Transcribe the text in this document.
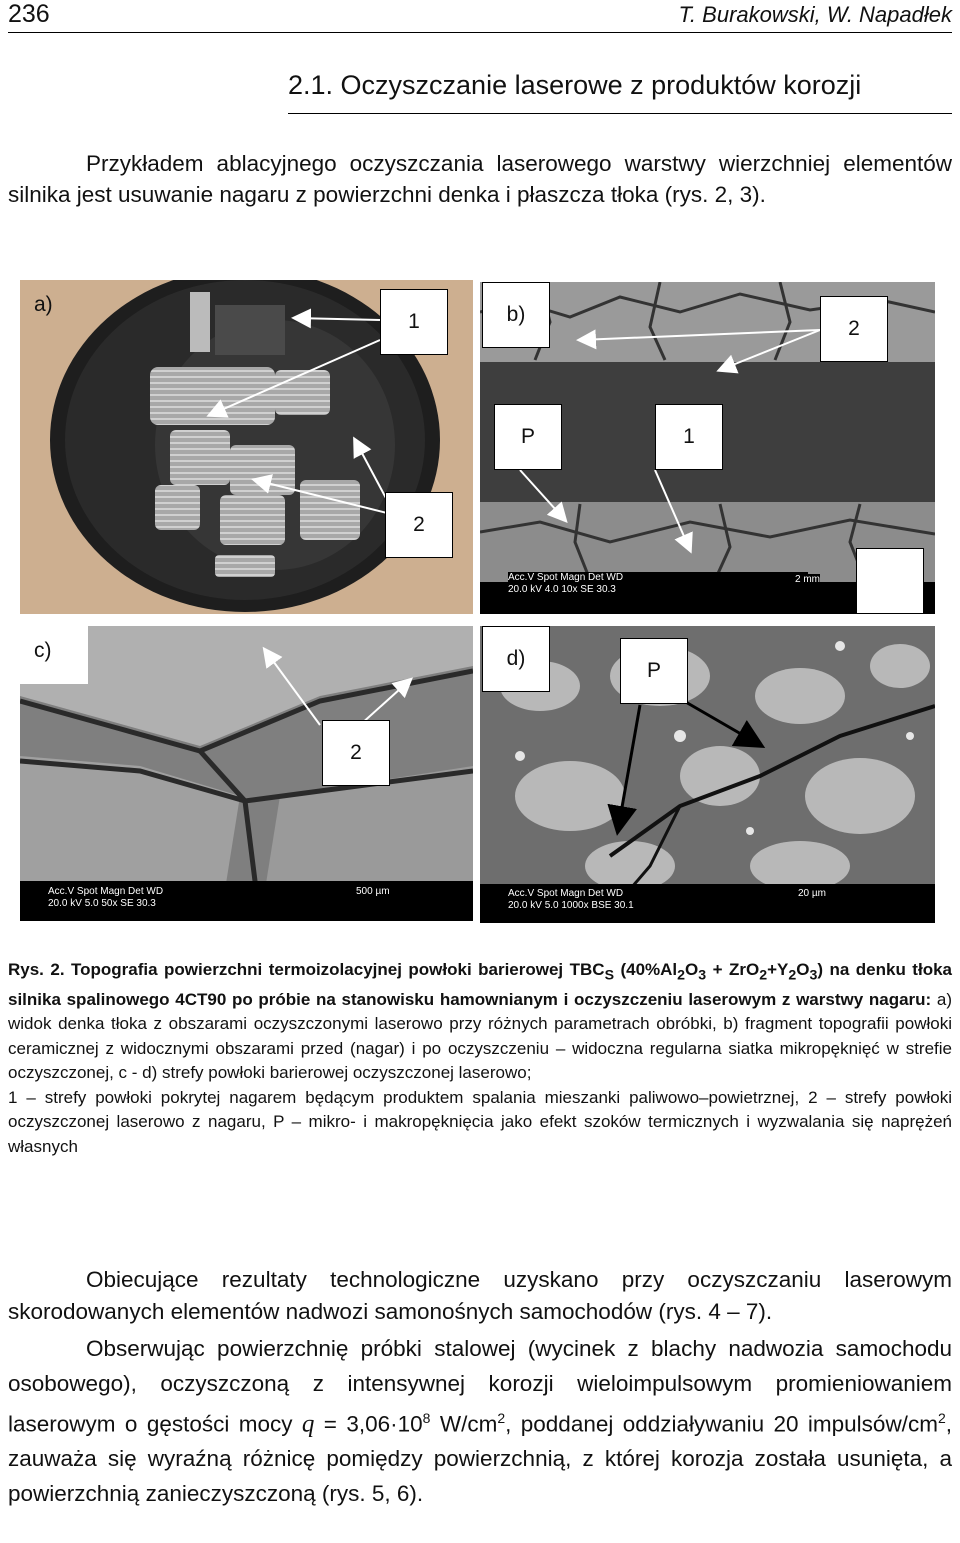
236	T. Burakowski, W. Napadłek
2.1. Oczyszczanie laserowe z produktów korozji

Przykładem ablacyjnego oczyszczania laserowego warstwy wierzchniej elementów silnika jest usuwanie nagaru z powierzchni denka i płaszcza tłoka (rys. 2, 3).

Acc.V Spot Magn Det WD
20.0 kV 4.0 10x SE 30.3
2 mm
Acc.V Spot Magn Det WD
20.0 kV 5.0 50x SE 30.3
500 µm	Acc.V Spot Magn Det WD
20.0 kV 5.0 1000x BSE 30.1
20 µm
a)	b)
c)	d)
1	2
P	1
2
P
2

Rys. 2. Topografia powierzchni termoizolacyjnej powłoki barierowej $TBC_S$ $(40\%Al_2O_3 + ZrO_2+Y_2O_3)$ na denku tłoka silnika spalinowego 4CT90 po próbie na stanowisku hamownianym i oczyszczeniu laserowym z warstwy nagaru: a) widok denka tłoka z obszarami oczyszczonymi laserowo przy różnych parametrach obróbki, b) fragment topografii powłoki ceramicznej z widocznymi obszarami przed (nagar) i po oczyszczeniu – widoczna regularna siatka mikropęknięć w strefie oczyszczonej, c - d) strefy powłoki barierowej oczyszczonej laserowo;
1 – strefy powłoki pokrytej nagarem będącym produktem spalania mieszanki paliwowo–powietrznej, 2 – strefy powłoki oczyszczonej laserowo z nagaru, P – mikro- i makropęknięcia jako efekt szoków termicznych i wyzwalania się naprężeń własnych

Obiecujące rezultaty technologiczne uzyskano przy oczyszczaniu laserowym skorodowanych elementów nadwozi samonośnych samochodów (rys. 4 – 7).

Obserwując powierzchnię próbki stalowej (wycinek z blachy nadwozia samochodu osobowego), oczyszczoną z intensywnej korozji wieloimpulsowym promieniowaniem laserowym o gęstości mocy $q = 3,06\cdot 10^8$ $W/cm^2$, poddanej oddziaływaniu 20 impulsów/$cm^2$, zauważa się wyraźną różnicę pomiędzy powierzchnią, z której korozja została usunięta, a powierzchnią zanieczyszczoną (rys. 5, 6).
